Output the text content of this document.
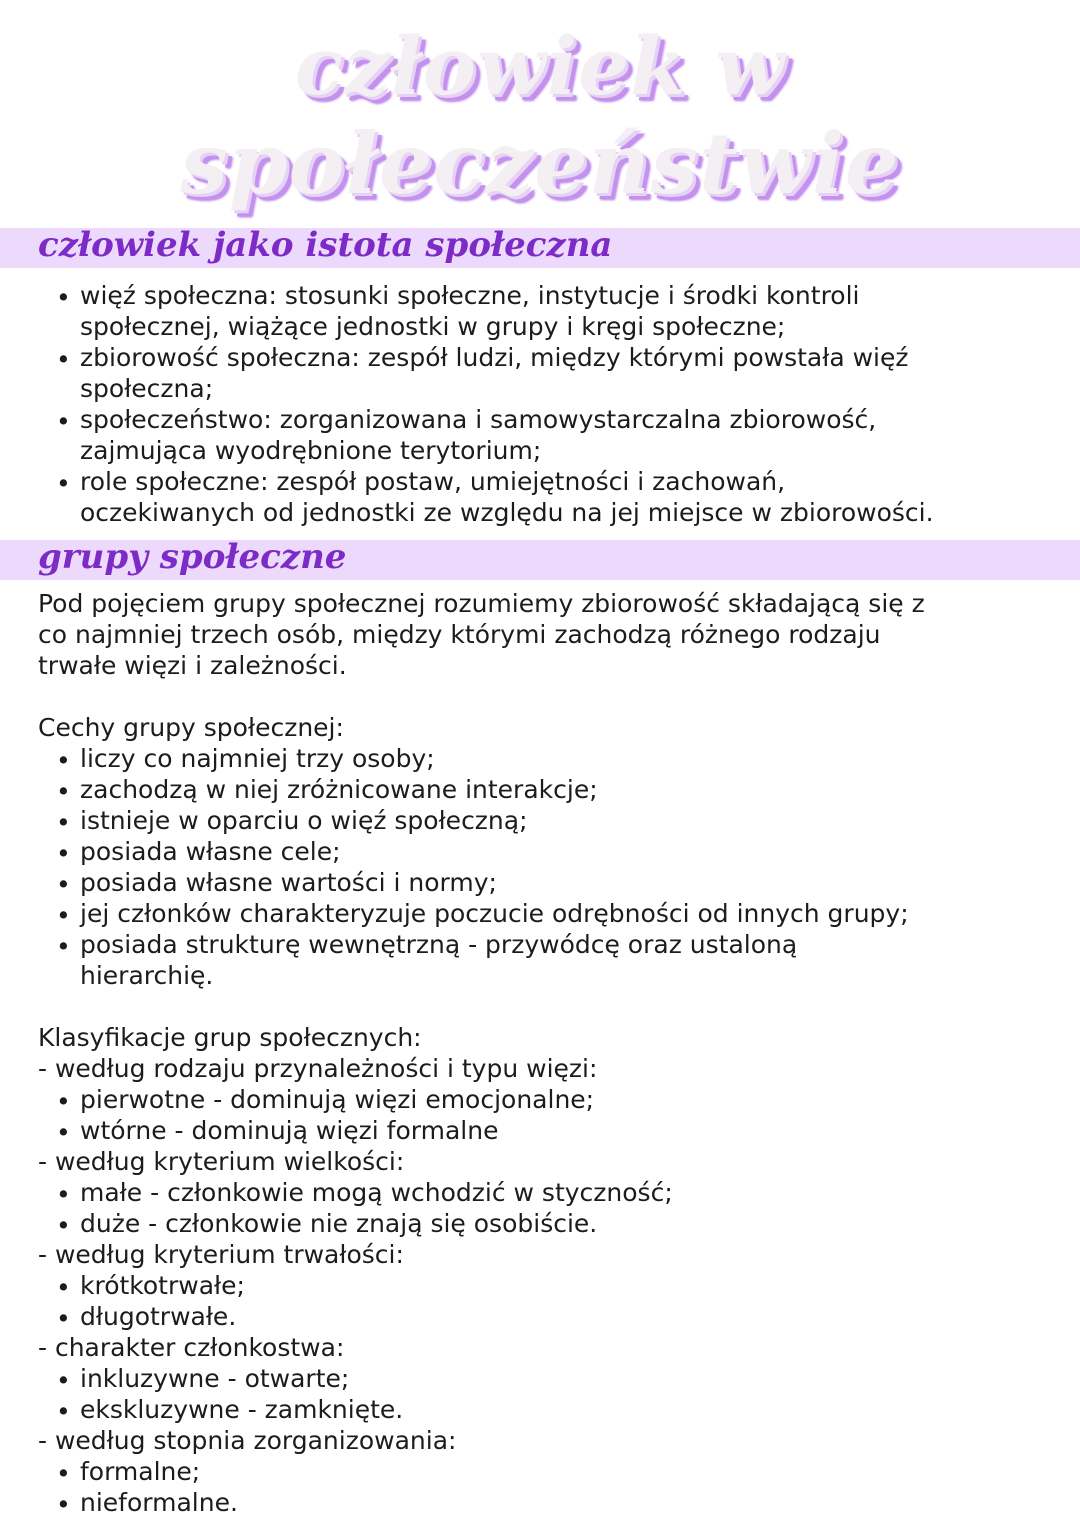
człowiek w
społeczeństwie
człowiek jako istota społeczna
• więź społeczna: stosunki społeczne, instytucje i środki kontroli
społecznej, wiążące jednostki w grupy i kręgi społeczne;
• zbiorowość społeczna: zespół ludzi, między którymi powstała więź
społeczna;
• społeczeństwo: zorganizowana i samowystarczalna zbiorowość,
zajmująca wyodrębnione terytorium;
• role społeczne: zespół postaw, umiejętności i zachowań,
oczekiwanych od jednostki ze względu na jej miejsce w zbiorowości.
grupy społeczne
Pod pojęciem grupy społecznej rozumiemy zbiorowość składającą się z
co najmniej trzech osób, między którymi zachodzą różnego rodzaju
trwałe więzi i zależności.
Cechy grupy społecznej:
• liczy co najmniej trzy osoby;
• zachodzą w niej zróżnicowane interakcje;
• istnieje w oparciu o więź społeczną;
• posiada własne cele;
• posiada własne wartości i normy;
• jej członków charakteryzuje poczucie odrębności od innych grupy;
• posiada strukturę wewnętrzną - przywódcę oraz ustaloną
hierarchię.
Klasyfikacje grup społecznych:
- według rodzaju przynależności i typu więzi:
• pierwotne - dominują więzi emocjonalne;
• wtórne - dominują więzi formalne
- według kryterium wielkości:
• małe - członkowie mogą wchodzić w styczność;
• duże - członkowie nie znają się osobiście.
- według kryterium trwałości:
• krótkotrwałe;
• długotrwałe.
- charakter członkostwa:
• inkluzywne - otwarte;
• ekskluzywne - zamknięte.
- według stopnia zorganizowania:
• formalne;
• nieformalne.
